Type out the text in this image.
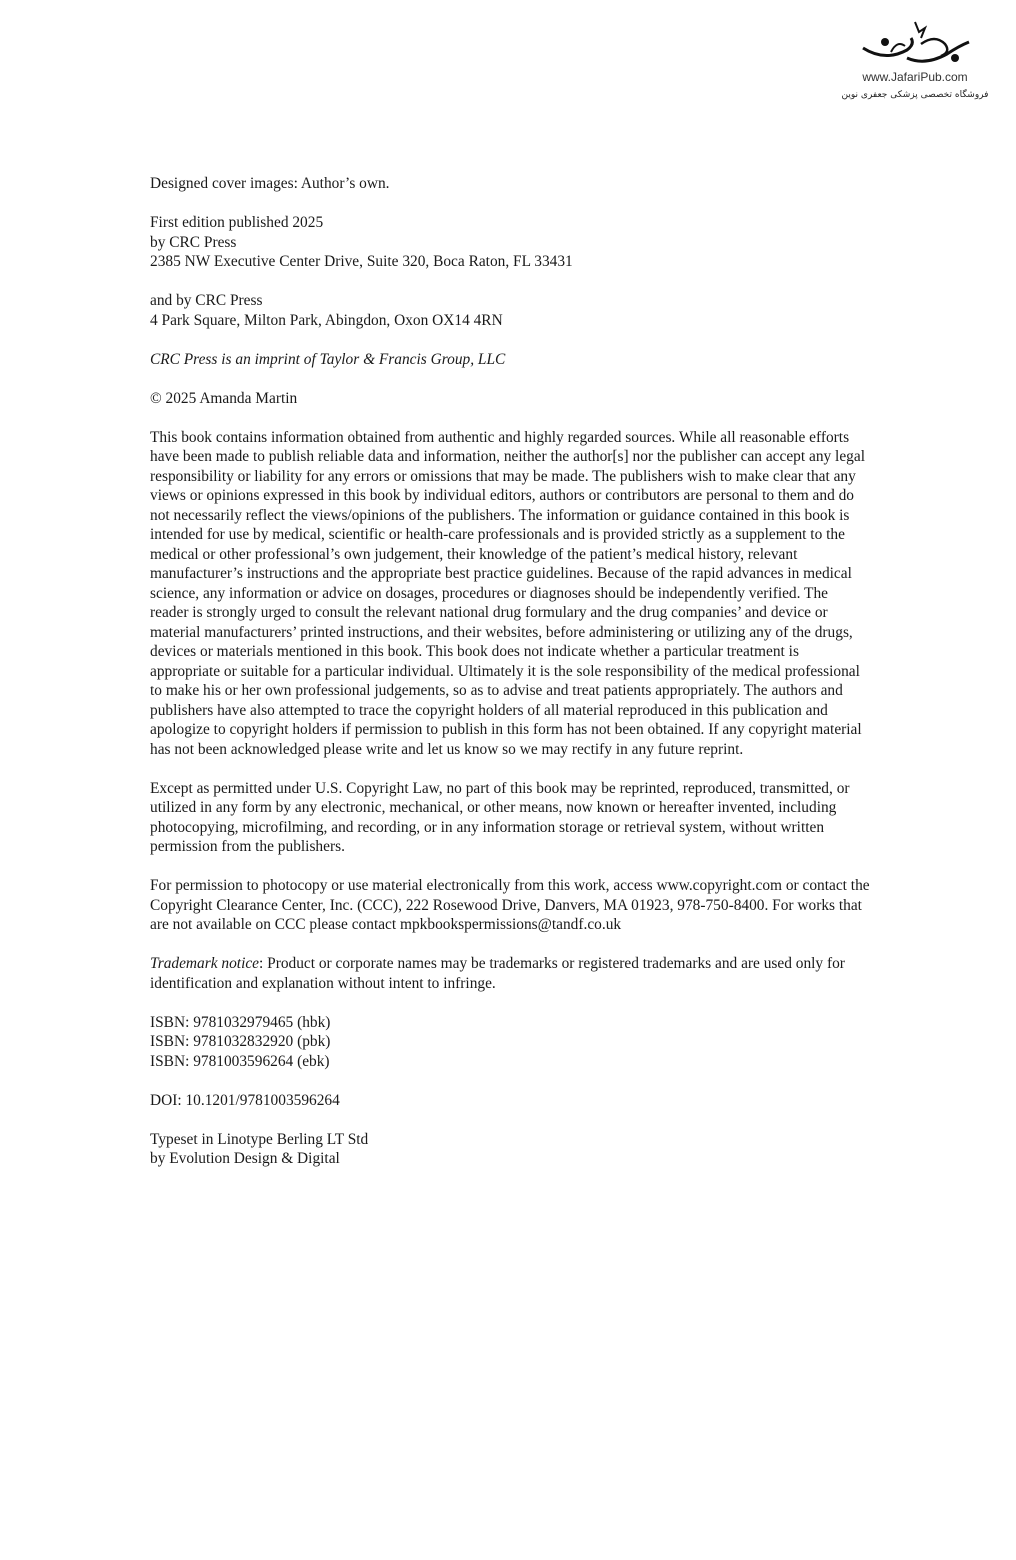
www.JafariPub.com
فروشگاه تخصصی پزشکی جعفری نوین

Designed cover images: Author’s own.

First edition published 2025
by CRC Press
2385 NW Executive Center Drive, Suite 320, Boca Raton, FL 33431

and by CRC Press
4 Park Square, Milton Park, Abingdon, Oxon OX14 4RN

CRC Press is an imprint of Taylor & Francis Group, LLC

© 2025 Amanda Martin

This book contains information obtained from authentic and highly regarded sources. While all reasonable efforts have been made to publish reliable data and information, neither the author[s] nor the publisher can accept any legal responsibility or liability for any errors or omissions that may be made. The publishers wish to make clear that any views or opinions expressed in this book by individual editors, authors or contributors are personal to them and do not necessarily reflect the views/opinions of the publishers. The information or guidance contained in this book is intended for use by medical, scientific or health-care professionals and is provided strictly as a supplement to the medical or other professional’s own judgement, their knowledge of the patient’s medical history, relevant manufacturer’s instructions and the appropriate best practice guidelines. Because of the rapid advances in medical science, any information or advice on dosages, procedures or diagnoses should be independently verified. The reader is strongly urged to consult the relevant national drug formulary and the drug companies’ and device or material manufacturers’ printed instructions, and their websites, before administering or utilizing any of the drugs, devices or materials mentioned in this book. This book does not indicate whether a particular treatment is appropriate or suitable for a particular individual. Ultimately it is the sole responsibility of the medical professional to make his or her own professional judgements, so as to advise and treat patients appropriately. The authors and publishers have also attempted to trace the copyright holders of all material reproduced in this publication and apologize to copyright holders if permission to publish in this form has not been obtained. If any copyright material has not been acknowledged please write and let us know so we may rectify in any future reprint.

Except as permitted under U.S. Copyright Law, no part of this book may be reprinted, reproduced, transmitted, or utilized in any form by any electronic, mechanical, or other means, now known or hereafter invented, including photocopying, microfilming, and recording, or in any information storage or retrieval system, without written permission from the publishers.

For permission to photocopy or use material electronically from this work, access www.copyright.com or contact the Copyright Clearance Center, Inc. (CCC), 222 Rosewood Drive, Danvers, MA 01923, 978-750-8400. For works that are not available on CCC please contact mpkbookspermissions@tandf.co.uk

Trademark notice: Product or corporate names may be trademarks or registered trademarks and are used only for identification and explanation without intent to infringe.

ISBN: 9781032979465 (hbk)
ISBN: 9781032832920 (pbk)
ISBN: 9781003596264 (ebk)

DOI: 10.1201/9781003596264

Typeset in Linotype Berling LT Std
by Evolution Design & Digital
